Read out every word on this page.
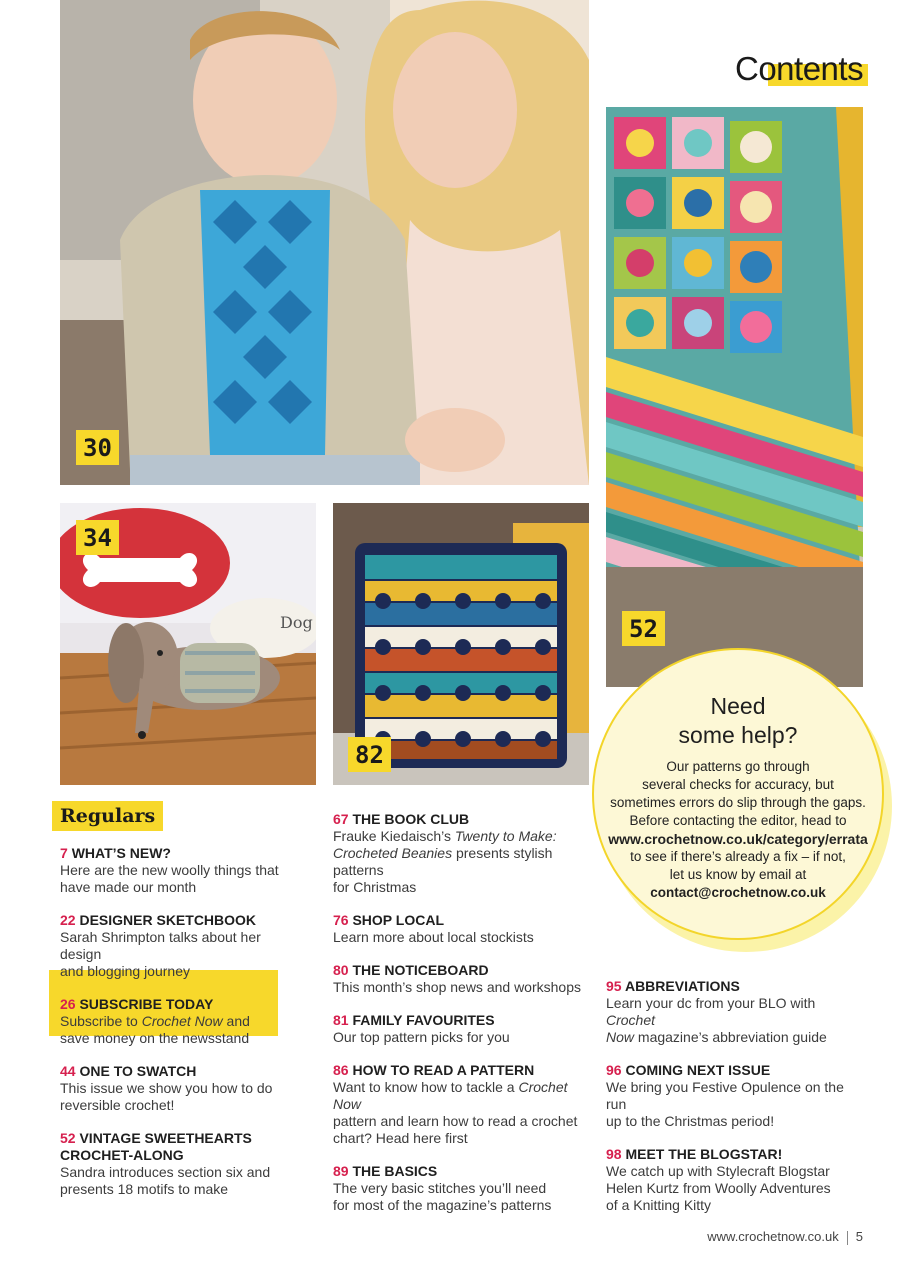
30
Contents
52
34
Dog
82
Need
some help?
Our patterns go through
several checks for accuracy, but
sometimes errors do slip through the gaps.
Before contacting the editor, head to
www.crochetnow.co.uk/category/errata
to see if there’s already a fix – if not,
let us know by email at
contact@crochetnow.co.uk
Regulars
7 WHAT’S NEW?
Here are the new woolly things that
have made our month
22 DESIGNER SKETCHBOOK
Sarah Shrimpton talks about her design
and blogging journey
26 SUBSCRIBE TODAY
Subscribe to Crochet Now and
save money on the newsstand
44 ONE TO SWATCH
This issue we show you how to do
reversible crochet!
52 VINTAGE SWEETHEARTS
CROCHET-ALONG
Sandra introduces section six and
presents 18 motifs to make
67 THE BOOK CLUB
Frauke Kiedaisch’s Twenty to Make:
Crocheted Beanies presents stylish patterns
for Christmas
76 SHOP LOCAL
Learn more about local stockists
80 THE NOTICEBOARD
This month’s shop news and workshops
81 FAMILY FAVOURITES
Our top pattern picks for you
86 HOW TO READ A PATTERN
Want to know how to tackle a Crochet Now
pattern and learn how to read a crochet
chart? Head here first
89 THE BASICS
The very basic stitches you’ll need
for most of the magazine’s patterns
95 ABBREVIATIONS
Learn your dc from your BLO with Crochet
Now magazine’s abbreviation guide
96 COMING NEXT ISSUE
We bring you Festive Opulence on the run
up to the Christmas period!
98 MEET THE BLOGSTAR!
We catch up with Stylecraft Blogstar
Helen Kurtz from Woolly Adventures
of a Knitting Kitty
www.crochetnow.co.uk 5
